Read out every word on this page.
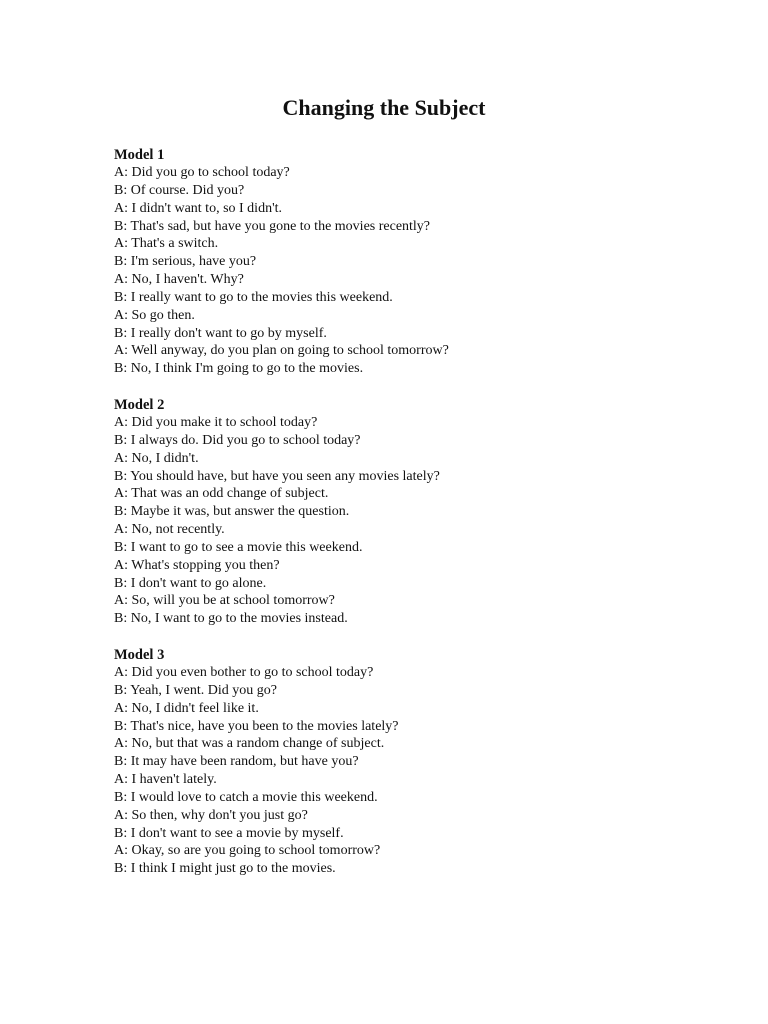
Changing the Subject
Model 1
A: Did you go to school today?
B: Of course. Did you?
A: I didn't want to, so I didn't.
B: That's sad, but have you gone to the movies recently?
A: That's a switch.
B: I'm serious, have you?
A: No, I haven't. Why?
B: I really want to go to the movies this weekend.
A: So go then.
B: I really don't want to go by myself.
A: Well anyway, do you plan on going to school tomorrow?
B: No, I think I'm going to go to the movies.
Model 2
A: Did you make it to school today?
B: I always do. Did you go to school today?
A: No, I didn't.
B: You should have, but have you seen any movies lately?
A: That was an odd change of subject.
B: Maybe it was, but answer the question.
A: No, not recently.
B: I want to go to see a movie this weekend.
A: What's stopping you then?
B: I don't want to go alone.
A: So, will you be at school tomorrow?
B: No, I want to go to the movies instead.
Model 3
A: Did you even bother to go to school today?
B: Yeah, I went. Did you go?
A: No, I didn't feel like it.
B: That's nice, have you been to the movies lately?
A: No, but that was a random change of subject.
B: It may have been random, but have you?
A: I haven't lately.
B: I would love to catch a movie this weekend.
A: So then, why don't you just go?
B: I don't want to see a movie by myself.
A: Okay, so are you going to school tomorrow?
B: I think I might just go to the movies.
